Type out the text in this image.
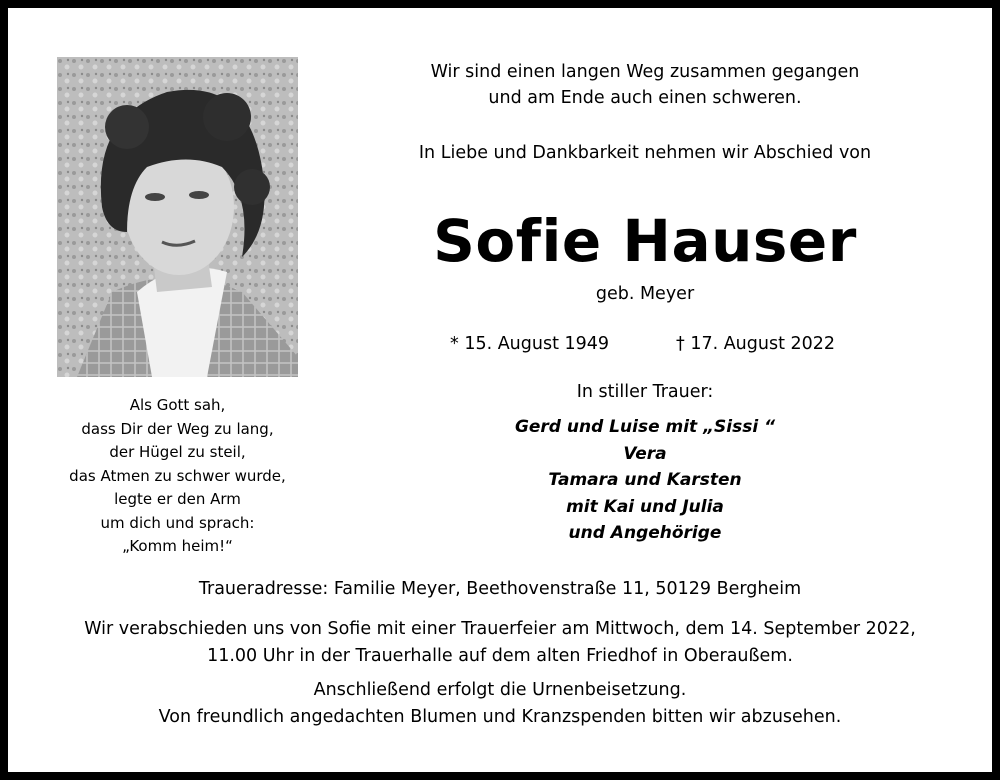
Als Gott sah,
dass Dir der Weg zu lang,
der Hügel zu steil,
das Atmen zu schwer wurde,
legte er den Arm
um dich und sprach:
„Komm heim!“
Wir sind einen langen Weg zusammen gegangen
und am Ende auch einen schweren.
In Liebe und Dankbarkeit nehmen wir Abschied von
Sofie Hauser
geb. Meyer
* 15. August 1949	† 17. August 2022
In stiller Trauer:
Gerd und Luise mit „Sissi “
Vera
Tamara und Karsten
mit Kai und Julia
und Angehörige
Traueradresse: Familie Meyer, Beethovenstraße 11, 50129 Bergheim
Wir verabschieden uns von Sofie mit einer Trauerfeier am Mittwoch, dem 14. September 2022,
11.00 Uhr in der Trauerhalle auf dem alten Friedhof in Oberaußem.
Anschließend erfolgt die Urnenbeisetzung.
Von freundlich angedachten Blumen und Kranzspenden bitten wir abzusehen.
